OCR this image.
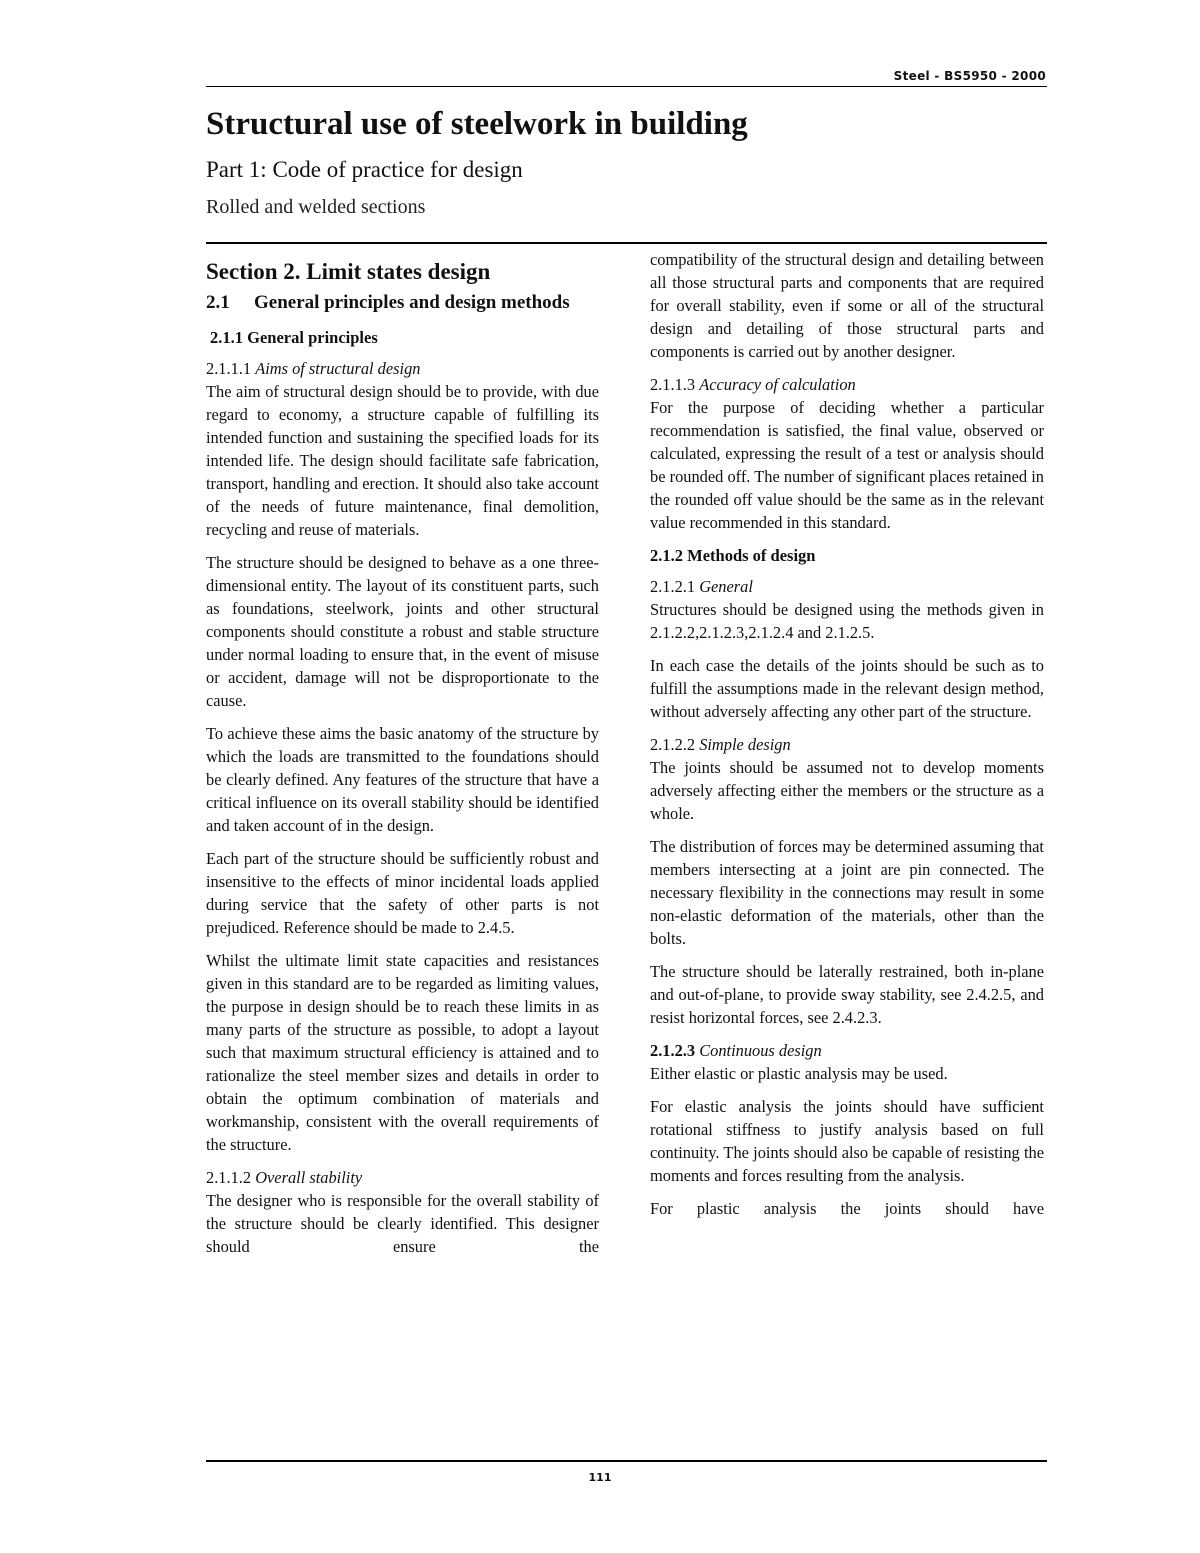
Steel - BS5950 - 2000
Structural use of steelwork in building
Part 1: Code of practice for design
Rolled and welded sections
Section 2. Limit states design
2.1	General principles and design methods
2.1.1 General principles
2.1.1.1 Aims of structural design

The aim of structural design should be to provide, with due regard to economy, a structure capable of fulfilling its intended function and sustaining the specified loads for its intended life. The design should facilitate safe fabrication, transport, handling and erection. It should also take account of the needs of future maintenance, final demolition, recycling and reuse of materials.

The structure should be designed to behave as a one three-dimensional entity. The layout of its constituent parts, such as foundations, steelwork, joints and other structural components should constitute a robust and stable structure under normal loading to ensure that, in the event of misuse or accident, damage will not be disproportionate to the cause.

To achieve these aims the basic anatomy of the structure by which the loads are transmitted to the foundations should be clearly defined. Any features of the structure that have a critical influence on its overall stability should be identified and taken account of in the design.

Each part of the structure should be sufficiently robust and insensitive to the effects of minor incidental loads applied during service that the safety of other parts is not prejudiced. Reference should be made to 2.4.5.

Whilst the ultimate limit state capacities and resistances given in this standard are to be regarded as limiting values, the purpose in design should be to reach these limits in as many parts of the structure as possible, to adopt a layout such that maximum structural efficiency is attained and to rationalize the steel member sizes and details in order to obtain the optimum combination of materials and workmanship, consistent with the overall requirements of the structure.

2.1.1.2 Overall stability

The designer who is responsible for the overall stability of the structure should be clearly identified. This designer should ensure the

compatibility of the structural design and detailing between all those structural parts and components that are required for overall stability, even if some or all of the structural design and detailing of those structural parts and components is carried out by another designer.

2.1.1.3 Accuracy of calculation

For the purpose of deciding whether a particular recommendation is satisfied, the final value, observed or calculated, expressing the result of a test or analysis should be rounded off. The number of significant places retained in the rounded off value should be the same as in the relevant value recommended in this standard.

2.1.2 Methods of design
2.1.2.1 General

Structures should be designed using the methods given in 2.1.2.2,2.1.2.3,2.1.2.4 and 2.1.2.5.

In each case the details of the joints should be such as to fulfill the assumptions made in the relevant design method, without adversely affecting any other part of the structure.

2.1.2.2 Simple design

The joints should be assumed not to develop moments adversely affecting either the members or the structure as a whole.

The distribution of forces may be determined assuming that members intersecting at a joint are pin connected. The necessary flexibility in the connections may result in some non-elastic deformation of the materials, other than the bolts.

The structure should be laterally restrained, both in-plane and out-of-plane, to provide sway stability, see 2.4.2.5, and resist horizontal forces, see 2.4.2.3.

2.1.2.3 Continuous design

Either elastic or plastic analysis may be used.

For elastic analysis the joints should have sufficient rotational stiffness to justify analysis based on full continuity. The joints should also be capable of resisting the moments and forces resulting from the analysis.

For plastic analysis the joints should have

111
